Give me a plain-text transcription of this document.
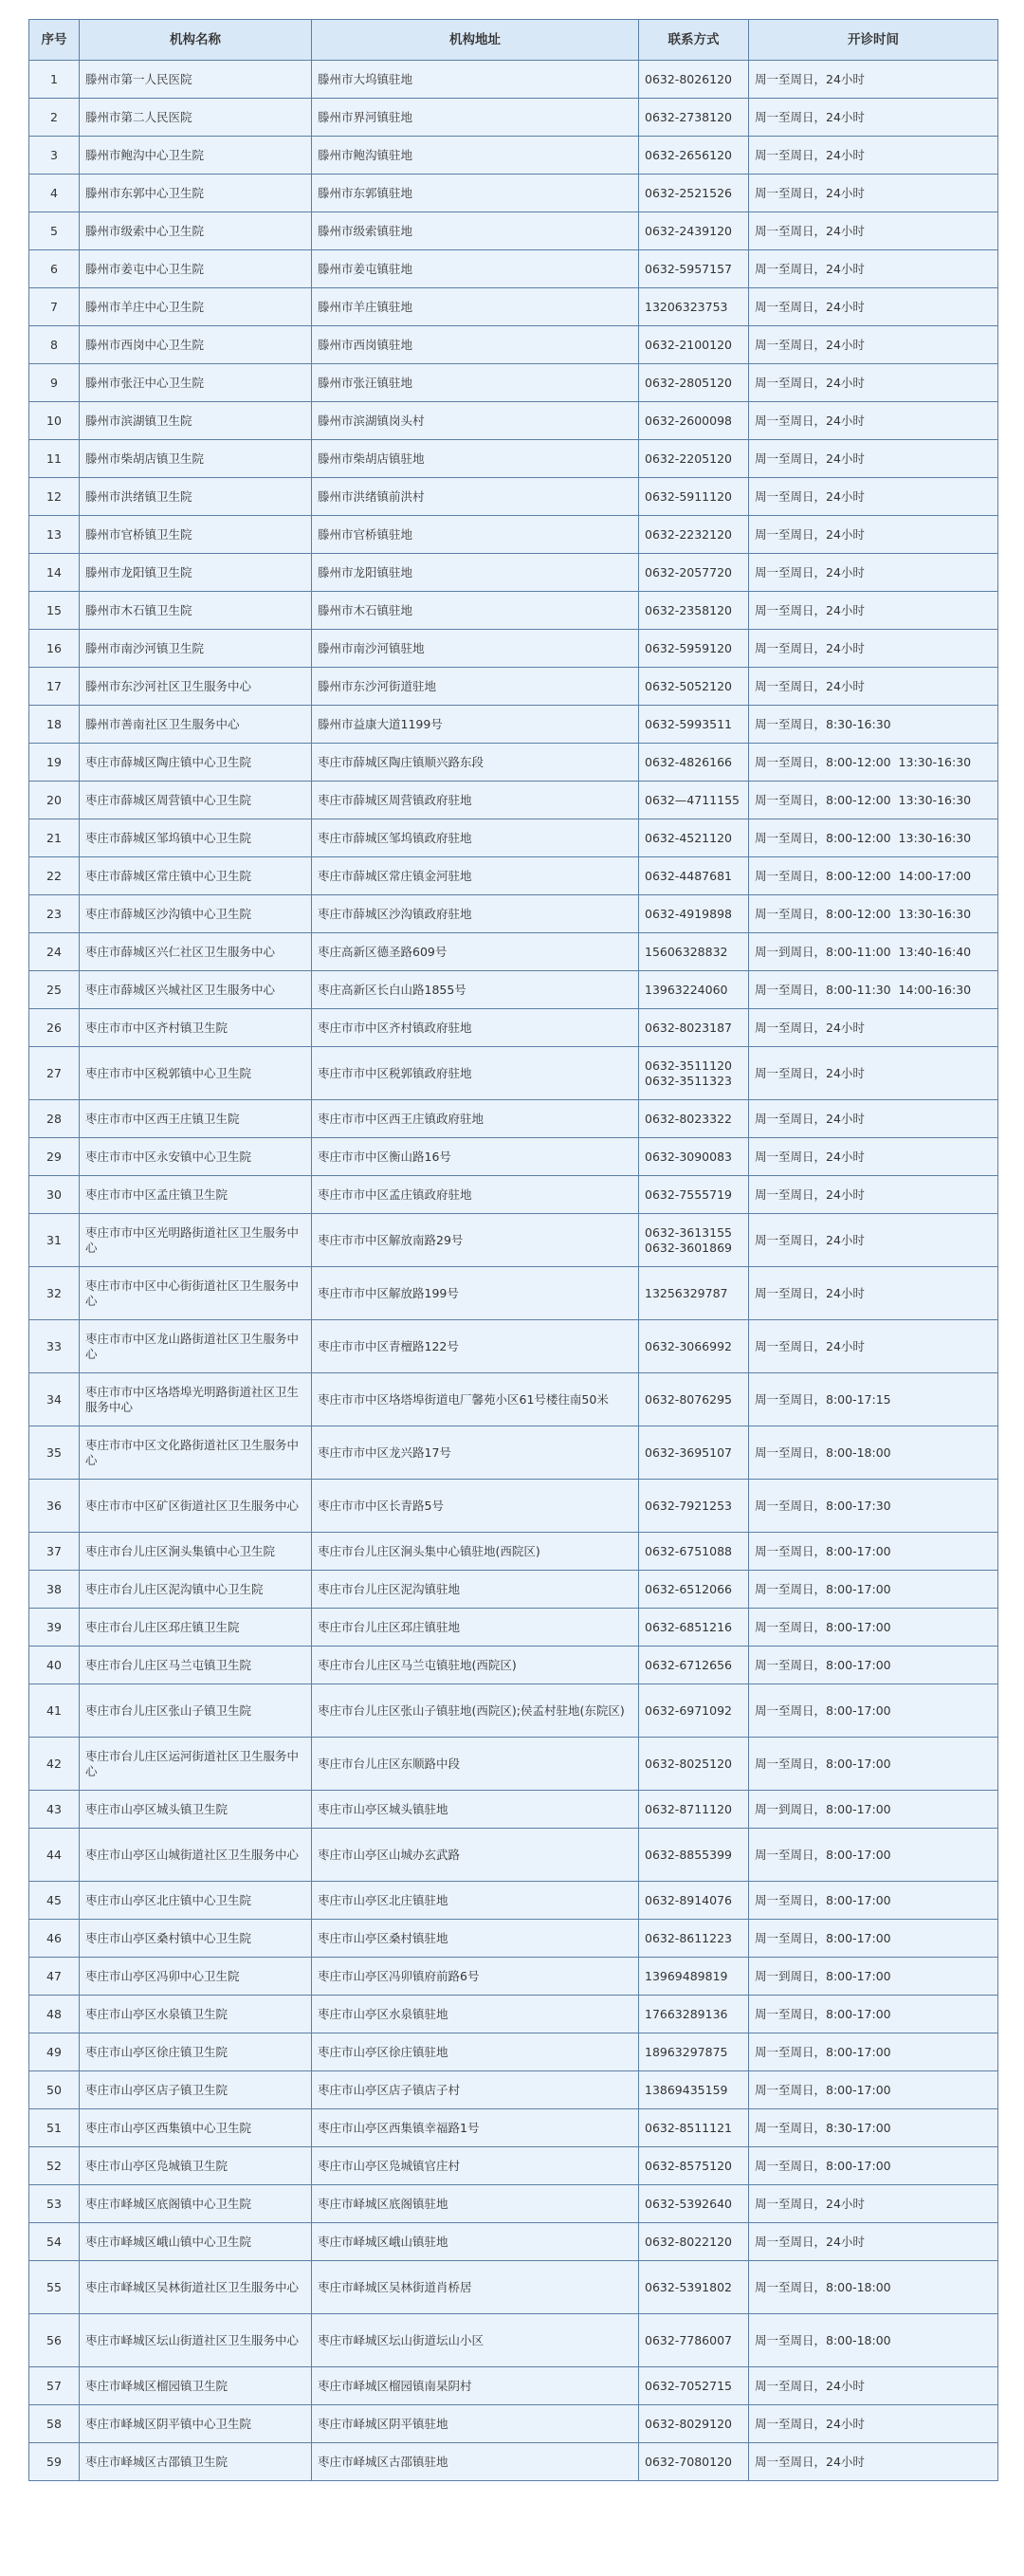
序号	机构名称	机构地址	联系方式	开诊时间
1	滕州市第一人民医院	滕州市大坞镇驻地	0632-8026120	周一至周日，24小时
2	滕州市第二人民医院	滕州市界河镇驻地	0632-2738120	周一至周日，24小时
3	滕州市鲍沟中心卫生院	滕州市鲍沟镇驻地	0632-2656120	周一至周日，24小时
4	滕州市东郭中心卫生院	滕州市东郭镇驻地	0632-2521526	周一至周日，24小时
5	滕州市级索中心卫生院	滕州市级索镇驻地	0632-2439120	周一至周日，24小时
6	滕州市姜屯中心卫生院	滕州市姜屯镇驻地	0632-5957157	周一至周日，24小时
7	滕州市羊庄中心卫生院	滕州市羊庄镇驻地	13206323753	周一至周日，24小时
8	滕州市西岗中心卫生院	滕州市西岗镇驻地	0632-2100120	周一至周日，24小时
9	滕州市张汪中心卫生院	滕州市张汪镇驻地	0632-2805120	周一至周日，24小时
10	滕州市滨湖镇卫生院	滕州市滨湖镇岗头村	0632-2600098	周一至周日，24小时
11	滕州市柴胡店镇卫生院	滕州市柴胡店镇驻地	0632-2205120	周一至周日，24小时
12	滕州市洪绪镇卫生院	滕州市洪绪镇前洪村	0632-5911120	周一至周日，24小时
13	滕州市官桥镇卫生院	滕州市官桥镇驻地	0632-2232120	周一至周日，24小时
14	滕州市龙阳镇卫生院	滕州市龙阳镇驻地	0632-2057720	周一至周日，24小时
15	滕州市木石镇卫生院	滕州市木石镇驻地	0632-2358120	周一至周日，24小时
16	滕州市南沙河镇卫生院	滕州市南沙河镇驻地	0632-5959120	周一至周日，24小时
17	滕州市东沙河社区卫生服务中心	滕州市东沙河街道驻地	0632-5052120	周一至周日，24小时
18	滕州市善南社区卫生服务中心	滕州市益康大道1199号	0632-5993511	周一至周日，8:30-16:30
19	枣庄市薛城区陶庄镇中心卫生院	枣庄市薛城区陶庄镇顺兴路东段	0632-4826166	周一至周日，8:00-12:00  13:30-16:30
20	枣庄市薛城区周营镇中心卫生院	枣庄市薛城区周营镇政府驻地	0632—4711155	周一至周日，8:00-12:00  13:30-16:30
21	枣庄市薛城区邹坞镇中心卫生院	枣庄市薛城区邹坞镇政府驻地	0632-4521120	周一至周日，8:00-12:00  13:30-16:30
22	枣庄市薛城区常庄镇中心卫生院	枣庄市薛城区常庄镇金河驻地	0632-4487681	周一至周日，8:00-12:00  14:00-17:00
23	枣庄市薛城区沙沟镇中心卫生院	枣庄市薛城区沙沟镇政府驻地	0632-4919898	周一至周日，8:00-12:00  13:30-16:30
24	枣庄市薛城区兴仁社区卫生服务中心	枣庄高新区德圣路609号	15606328832	周一到周日，8:00-11:00  13:40-16:40
25	枣庄市薛城区兴城社区卫生服务中心	枣庄高新区长白山路1855号	13963224060	周一至周日，8:00-11:30  14:00-16:30
26	枣庄市市中区齐村镇卫生院	枣庄市市中区齐村镇政府驻地	0632-8023187	周一至周日，24小时
27	枣庄市市中区税郭镇中心卫生院	枣庄市市中区税郭镇政府驻地	0632-3511120
0632-3511323	周一至周日，24小时
28	枣庄市市中区西王庄镇卫生院	枣庄市市中区西王庄镇政府驻地	0632-8023322	周一至周日，24小时
29	枣庄市市中区永安镇中心卫生院	枣庄市市中区衡山路16号	0632-3090083	周一至周日，24小时
30	枣庄市市中区孟庄镇卫生院	枣庄市市中区孟庄镇政府驻地	0632-7555719	周一至周日，24小时
31	枣庄市市中区光明路街道社区卫生服务中心	枣庄市市中区解放南路29号	0632-3613155
0632-3601869	周一至周日，24小时
32	枣庄市市中区中心街街道社区卫生服务中心	枣庄市市中区解放路199号	13256329787	周一至周日，24小时
33	枣庄市市中区龙山路街道社区卫生服务中心	枣庄市市中区青檀路122号	0632-3066992	周一至周日，24小时
34	枣庄市市中区垎塔埠光明路街道社区卫生服务中心	枣庄市市中区垎塔埠街道电厂馨苑小区61号楼往南50米	0632-8076295	周一至周日，8:00-17:15
35	枣庄市市中区文化路街道社区卫生服务中心	枣庄市市中区龙兴路17号	0632-3695107	周一至周日，8:00-18:00
36	枣庄市市中区矿区街道社区卫生服务中心	枣庄市市中区长青路5号	0632-7921253	周一至周日，8:00-17:30
37	枣庄市台儿庄区涧头集镇中心卫生院	枣庄市台儿庄区涧头集中心镇驻地(西院区)	0632-6751088	周一至周日，8:00-17:00
38	枣庄市台儿庄区泥沟镇中心卫生院	枣庄市台儿庄区泥沟镇驻地	0632-6512066	周一至周日，8:00-17:00
39	枣庄市台儿庄区邳庄镇卫生院	枣庄市台儿庄区邳庄镇驻地	0632-6851216	周一至周日，8:00-17:00
40	枣庄市台儿庄区马兰屯镇卫生院	枣庄市台儿庄区马兰屯镇驻地(西院区)	0632-6712656	周一至周日，8:00-17:00
41	枣庄市台儿庄区张山子镇卫生院	枣庄市台儿庄区张山子镇驻地(西院区);侯孟村驻地(东院区)	0632-6971092	周一至周日，8:00-17:00
42	枣庄市台儿庄区运河街道社区卫生服务中心	枣庄市台儿庄区东顺路中段	0632-8025120	周一至周日，8:00-17:00
43	枣庄市山亭区城头镇卫生院	枣庄市山亭区城头镇驻地	0632-8711120	周一到周日，8:00-17:00
44	枣庄市山亭区山城街道社区卫生服务中心	枣庄市山亭区山城办玄武路	0632-8855399	周一至周日，8:00-17:00
45	枣庄市山亭区北庄镇中心卫生院	枣庄市山亭区北庄镇驻地	0632-8914076	周一至周日，8:00-17:00
46	枣庄市山亭区桑村镇中心卫生院	枣庄市山亭区桑村镇驻地	0632-8611223	周一至周日，8:00-17:00
47	枣庄市山亭区冯卯中心卫生院	枣庄市山亭区冯卯镇府前路6号	13969489819	周一到周日，8:00-17:00
48	枣庄市山亭区水泉镇卫生院	枣庄市山亭区水泉镇驻地	17663289136	周一至周日，8:00-17:00
49	枣庄市山亭区徐庄镇卫生院	枣庄市山亭区徐庄镇驻地	18963297875	周一至周日，8:00-17:00
50	枣庄市山亭区店子镇卫生院	枣庄市山亭区店子镇店子村	13869435159	周一至周日，8:00-17:00
51	枣庄市山亭区西集镇中心卫生院	枣庄市山亭区西集镇幸福路1号	0632-8511121	周一至周日，8:30-17:00
52	枣庄市山亭区凫城镇卫生院	枣庄市山亭区凫城镇官庄村	0632-8575120	周一至周日，8:00-17:00
53	枣庄市峄城区底阁镇中心卫生院	枣庄市峄城区底阁镇驻地	0632-5392640	周一至周日，24小时
54	枣庄市峄城区峨山镇中心卫生院	枣庄市峄城区峨山镇驻地	0632-8022120	周一至周日，24小时
55	枣庄市峄城区吴林街道社区卫生服务中心	枣庄市峄城区吴林街道肖桥居	0632-5391802	周一至周日，8:00-18:00
56	枣庄市峄城区坛山街道社区卫生服务中心	枣庄市峄城区坛山街道坛山小区	0632-7786007	周一至周日，8:00-18:00
57	枣庄市峄城区榴园镇卫生院	枣庄市峄城区榴园镇南杲阴村	0632-7052715	周一至周日，24小时
58	枣庄市峄城区阴平镇中心卫生院	枣庄市峄城区阴平镇驻地	0632-8029120	周一至周日，24小时
59	枣庄市峄城区古邵镇卫生院	枣庄市峄城区古邵镇驻地	0632-7080120	周一至周日，24小时
